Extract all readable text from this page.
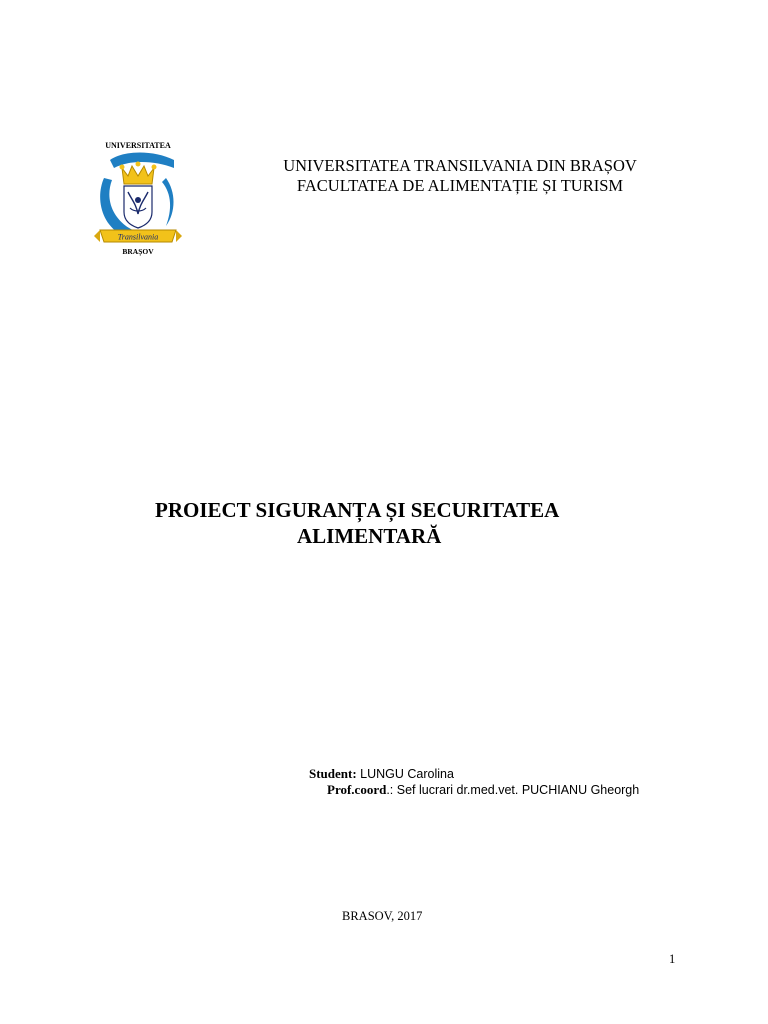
UNIVERSITATEA
Transilvania
BRAȘOV
UNIVERSITATEA TRANSILVANIA DIN BRAȘOV
FACULTATEA DE ALIMENTAȚIE ȘI TURISM
PROIECT SIGURANȚA ȘI SECURITATEA
ALIMENTARĂ
Student: LUNGU Carolina
Prof.coord.: Sef lucrari dr.med.vet. PUCHIANU Gheorgh
BRASOV, 2017
1
